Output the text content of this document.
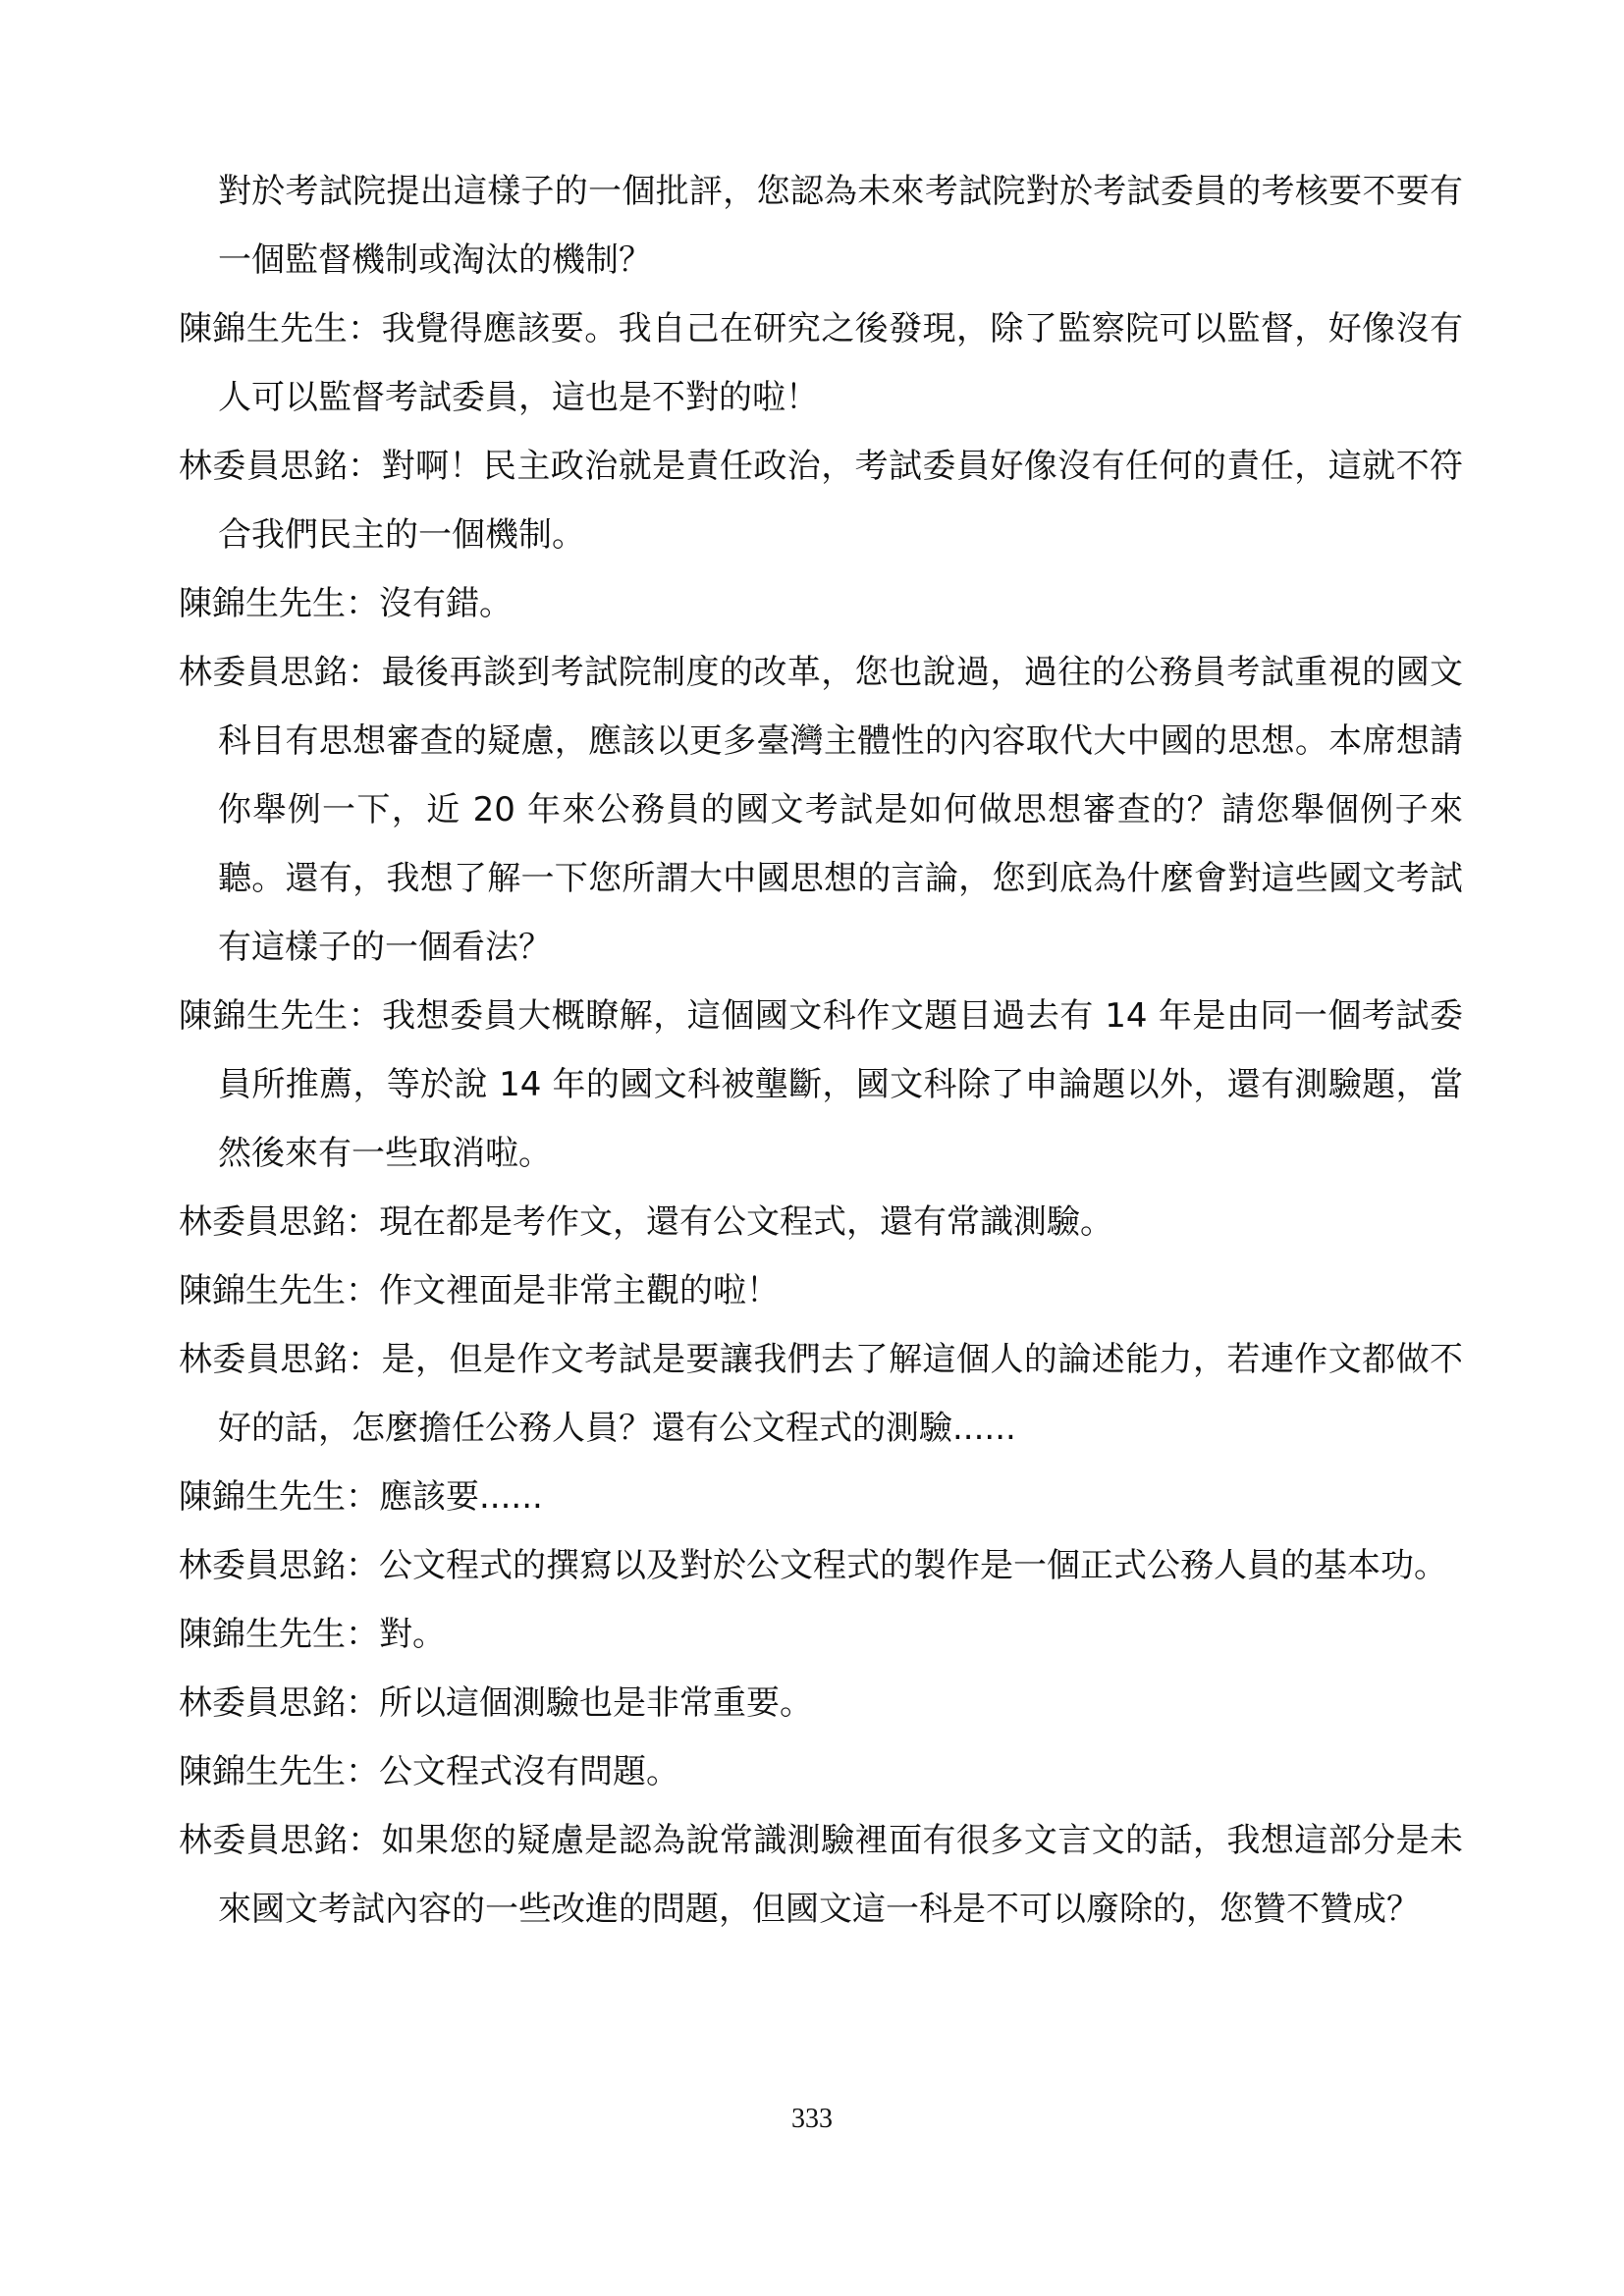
對於考試院提出這樣子的一個批評，您認為未來考試院對於考試委員的考核要不要有一個監督機制或淘汰的機制？
陳錦生先生：我覺得應該要。我自己在研究之後發現，除了監察院可以監督，好像沒有人可以監督考試委員，這也是不對的啦！
林委員思銘：對啊！民主政治就是責任政治，考試委員好像沒有任何的責任，這就不符合我們民主的一個機制。
陳錦生先生：沒有錯。
林委員思銘：最後再談到考試院制度的改革，您也說過，過往的公務員考試重視的國文科目有思想審查的疑慮，應該以更多臺灣主體性的內容取代大中國的思想。本席想請你舉例一下，近 20 年來公務員的國文考試是如何做思想審查的？請您舉個例子來聽。還有，我想了解一下您所謂大中國思想的言論，您到底為什麼會對這些國文考試有這樣子的一個看法？
陳錦生先生：我想委員大概瞭解，這個國文科作文題目過去有 14 年是由同一個考試委員所推薦，等於說 14 年的國文科被壟斷，國文科除了申論題以外，還有測驗題，當然後來有一些取消啦。
林委員思銘：現在都是考作文，還有公文程式，還有常識測驗。
陳錦生先生：作文裡面是非常主觀的啦！
林委員思銘：是，但是作文考試是要讓我們去了解這個人的論述能力，若連作文都做不好的話，怎麼擔任公務人員？還有公文程式的測驗......
陳錦生先生：應該要......
林委員思銘：公文程式的撰寫以及對於公文程式的製作是一個正式公務人員的基本功。
陳錦生先生：對。
林委員思銘：所以這個測驗也是非常重要。
陳錦生先生：公文程式沒有問題。
林委員思銘：如果您的疑慮是認為說常識測驗裡面有很多文言文的話，我想這部分是未來國文考試內容的一些改進的問題，但國文這一科是不可以廢除的，您贊不贊成？
333
